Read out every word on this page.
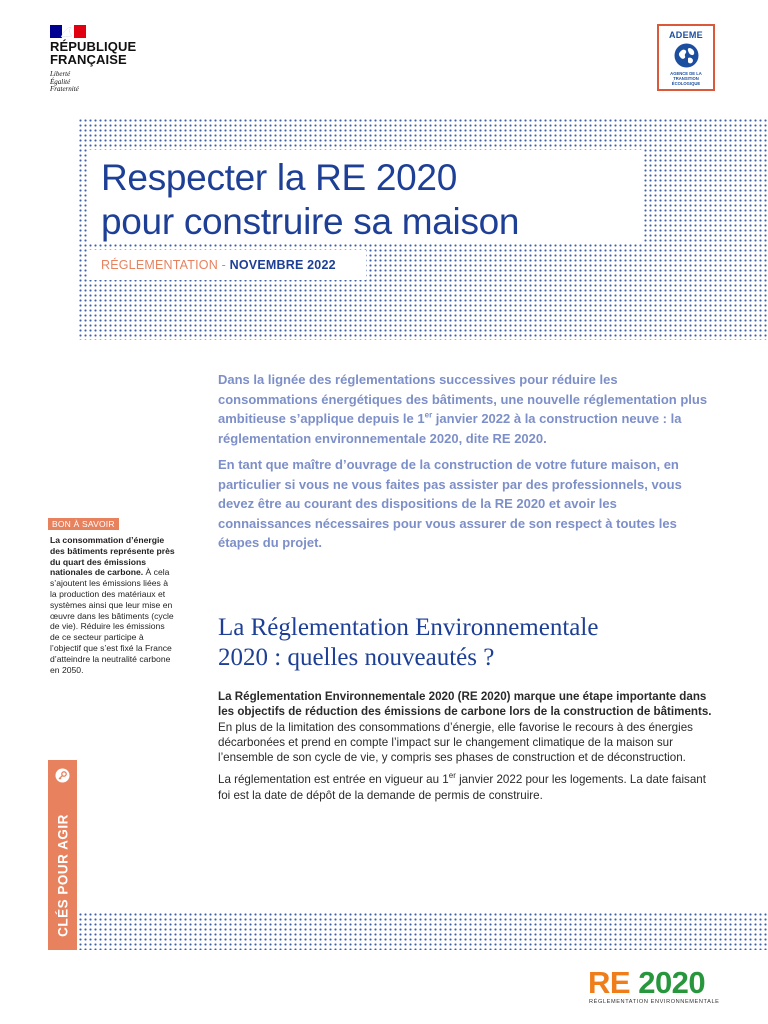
RÉPUBLIQUE
FRANÇAISE
Liberté
Égalité
Fraternité
ADEME
AGENCE DE LA TRANSITION ÉCOLOGIQUE
Respecter la RE 2020
pour construire sa maison
RÉGLEMENTATION - NOVEMBRE 2022

Dans la lignée des réglementations successives pour réduire les consommations énergétiques des bâtiments, une nouvelle réglementation plus ambitieuse s’applique depuis le 1er janvier 2022 à la construction neuve : la réglementation environnementale 2020, dite RE 2020.

En tant que maître d’ouvrage de la construction de votre future maison, en particulier si vous ne vous faites pas assister par des professionnels, vous devez être au courant des dispositions de la RE 2020 et avoir les connaissances nécessaires pour vous assurer de son respect à toutes les étapes du projet.

BON À SAVOIR
La consommation d’énergie des bâtiments représente près du quart des émissions nationales de carbone. À cela s’ajoutent les émissions liées à la production des matériaux et systèmes ainsi que leur mise en œuvre dans les bâtiments (cycle de vie). Réduire les émissions de ce secteur participe à l’objectif que s’est fixé la France d’atteindre la neutralité carbone en 2050.
CLÉS POUR AGIR
La Réglementation Environnementale
2020 : quelles nouveautés ?

La Réglementation Environnementale 2020 (RE 2020) marque une étape importante dans les objectifs de réduction des émissions de carbone lors de la construction de bâtiments. En plus de la limitation des consommations d’énergie, elle favorise le recours à des énergies décarbonées et prend en compte l’impact sur le changement climatique de la maison sur l’ensemble de son cycle de vie, y compris ses phases de construction et de déconstruction.

La réglementation est entrée en vigueur au 1er janvier 2022 pour les logements. La date faisant foi est la date de dépôt de la demande de permis de construire.

RE 2020
RÉGLEMENTATION ENVIRONNEMENTALE
